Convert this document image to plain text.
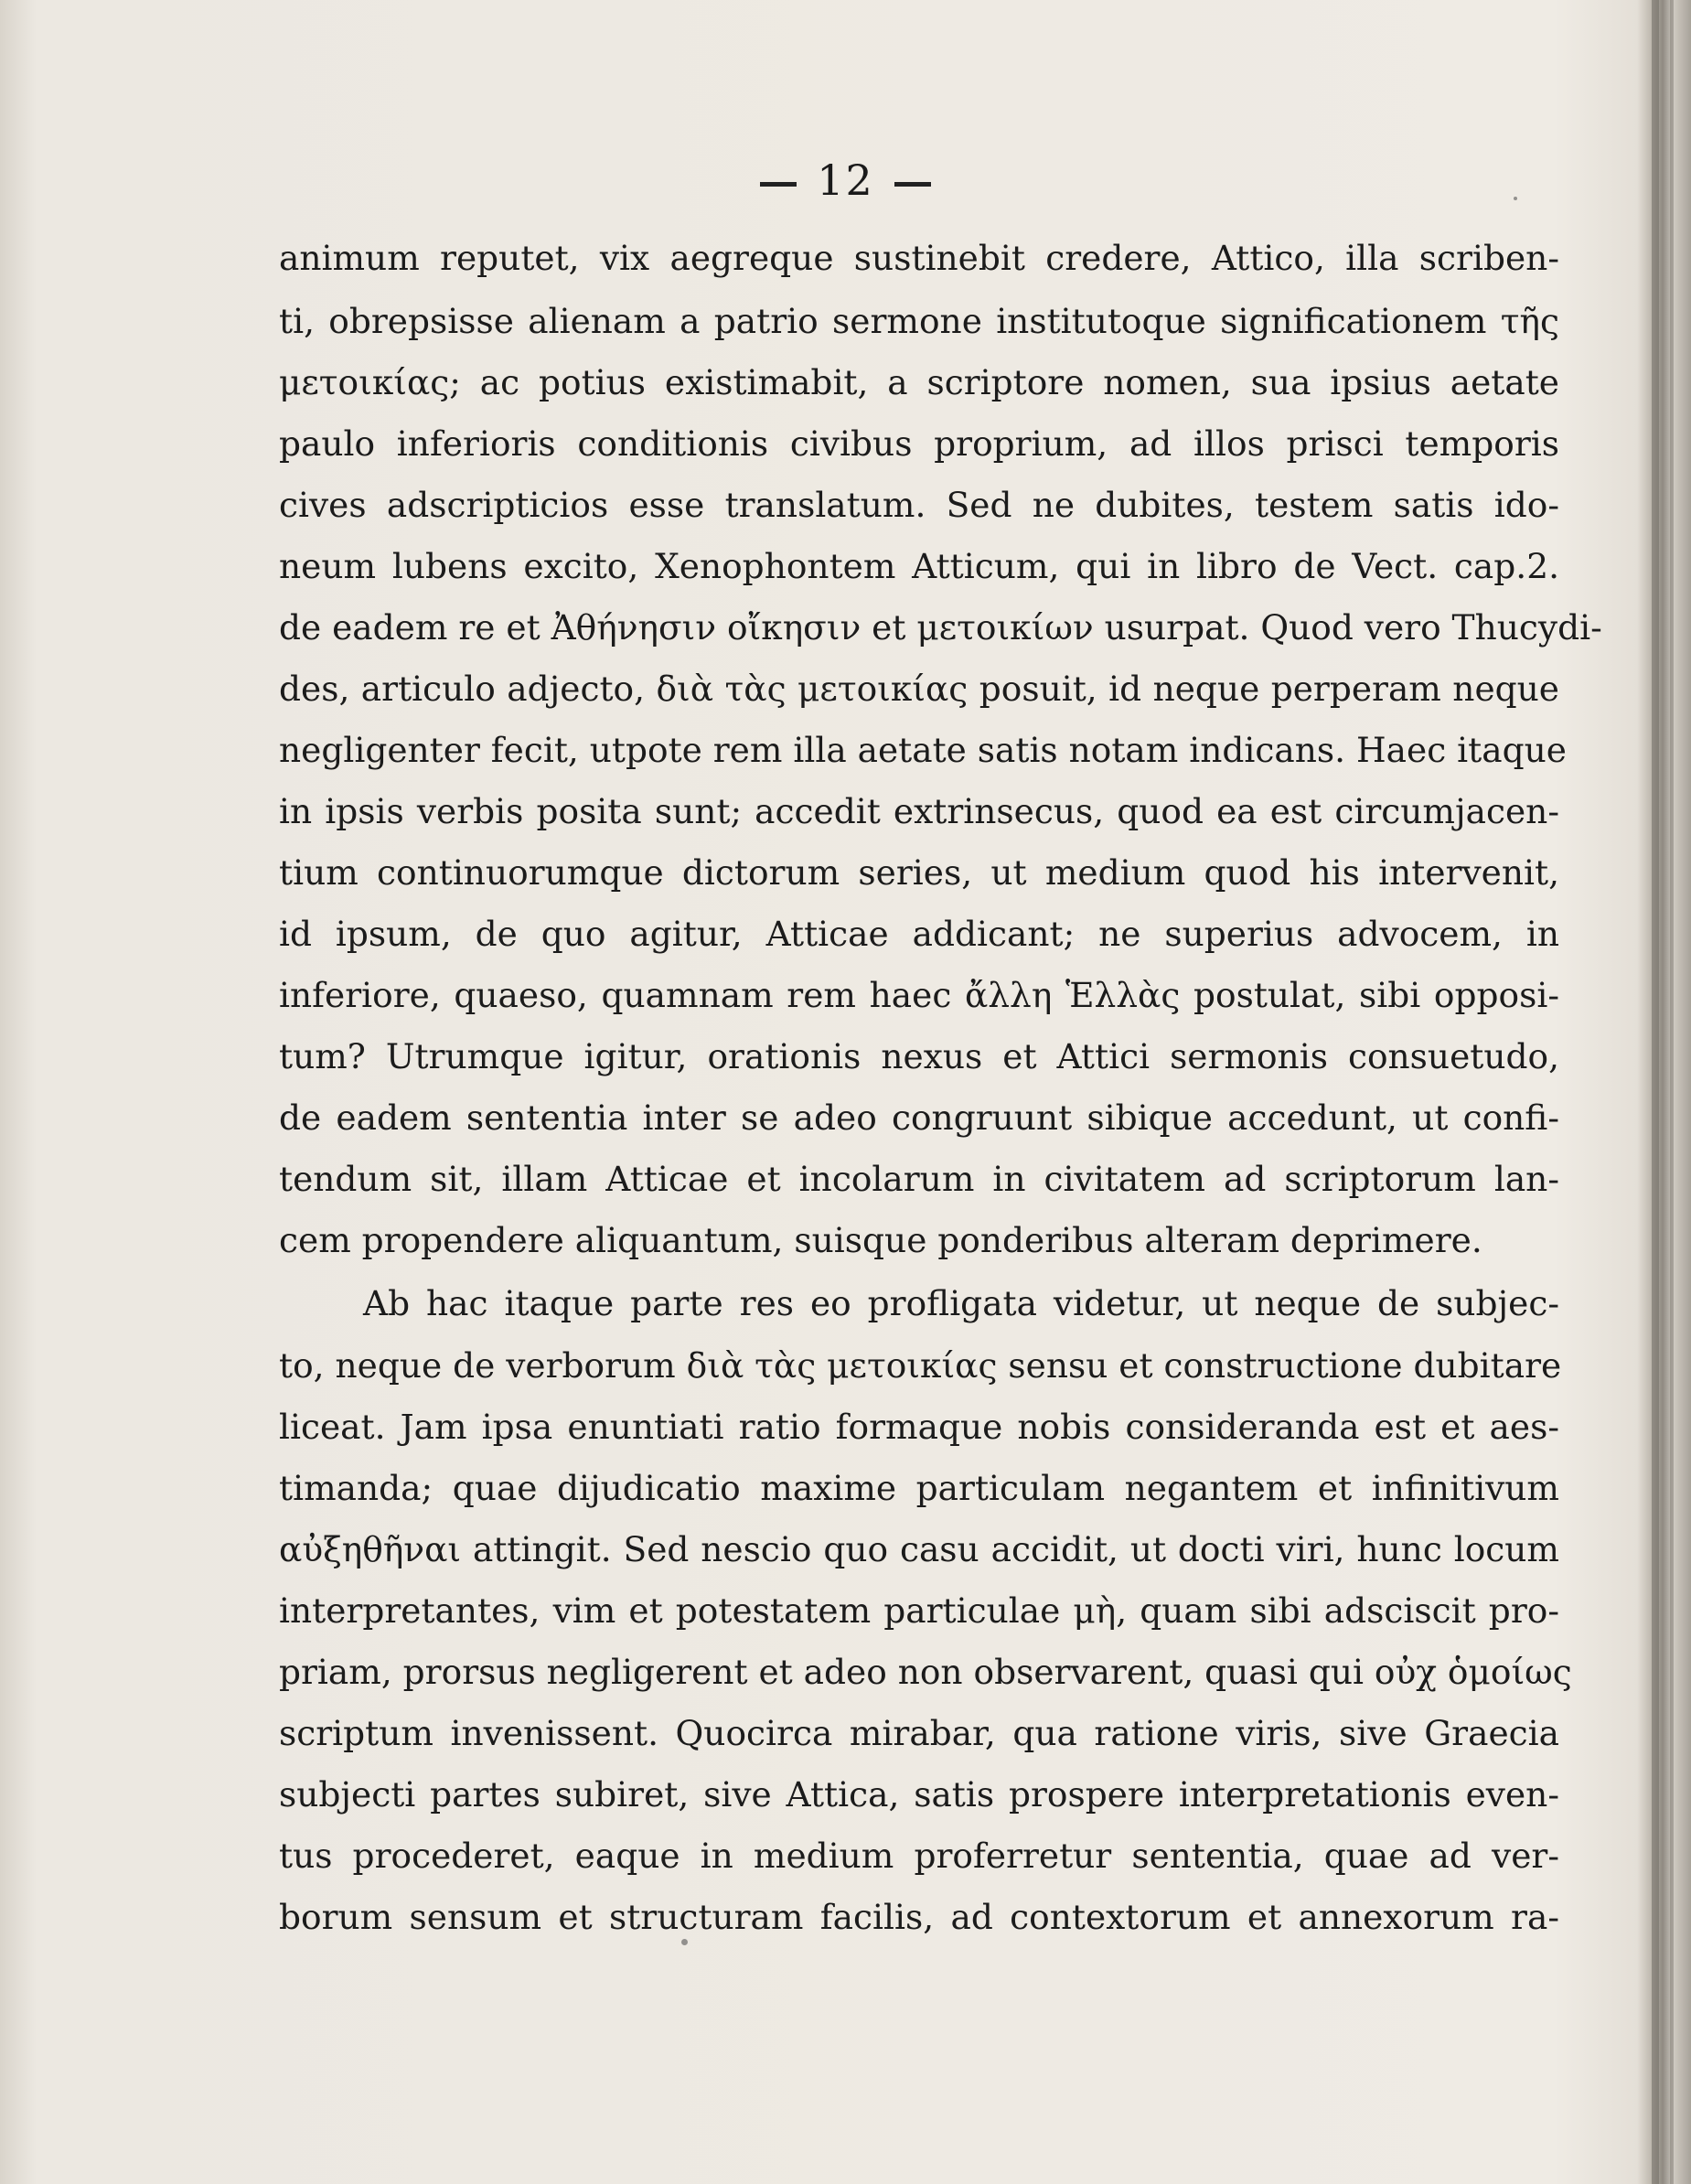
12
animum reputet, vix aegreque sustinebit credere, Attico, illa scriben-
ti, obrepsisse alienam a patrio sermone institutoque significationem τῆς
μετοικίας; ac potius existimabit, a scriptore nomen, sua ipsius aetate
paulo inferioris conditionis civibus proprium, ad illos prisci temporis
cives adscripticios esse translatum. Sed ne dubites, testem satis ido-
neum lubens excito, Xenophontem Atticum, qui in libro de Vect. cap.2.
de eadem re et Ἀθήνησιν οἴκησιν et μετοικίων usurpat. Quod vero Thucydi-
des, articulo adjecto, διὰ τὰς μετοικίας posuit, id neque perperam neque
negligenter fecit, utpote rem illa aetate satis notam indicans. Haec itaque
in ipsis verbis posita sunt; accedit extrinsecus, quod ea est circumjacen-
tium continuorumque dictorum series, ut medium quod his intervenit,
id ipsum, de quo agitur, Atticae addicant; ne superius advocem, in
inferiore, quaeso, quamnam rem haec ἄλλη Ἑλλὰς postulat, sibi opposi-
tum? Utrumque igitur, orationis nexus et Attici sermonis consuetudo,
de eadem sententia inter se adeo congruunt sibique accedunt, ut confi-
tendum sit, illam Atticae et incolarum in civitatem ad scriptorum lan-
cem propendere aliquantum, suisque ponderibus alteram deprimere.
Ab hac itaque parte res eo profligata videtur, ut neque de subjec-
to, neque de verborum διὰ τὰς μετοικίας sensu et constructione dubitare
liceat. Jam ipsa enuntiati ratio formaque nobis consideranda est et aes-
timanda; quae dijudicatio maxime particulam negantem et infinitivum
αὐξηθῆναι attingit. Sed nescio quo casu accidit, ut docti viri, hunc locum
interpretantes, vim et potestatem particulae μὴ, quam sibi adsciscit pro-
priam, prorsus negligerent et adeo non observarent, quasi qui οὐχ ὁμοίως
scriptum invenissent. Quocirca mirabar, qua ratione viris, sive Graecia
subjecti partes subiret, sive Attica, satis prospere interpretationis even-
tus procederet, eaque in medium proferretur sententia, quae ad ver-
borum sensum et structuram facilis, ad contextorum et annexorum ra-
